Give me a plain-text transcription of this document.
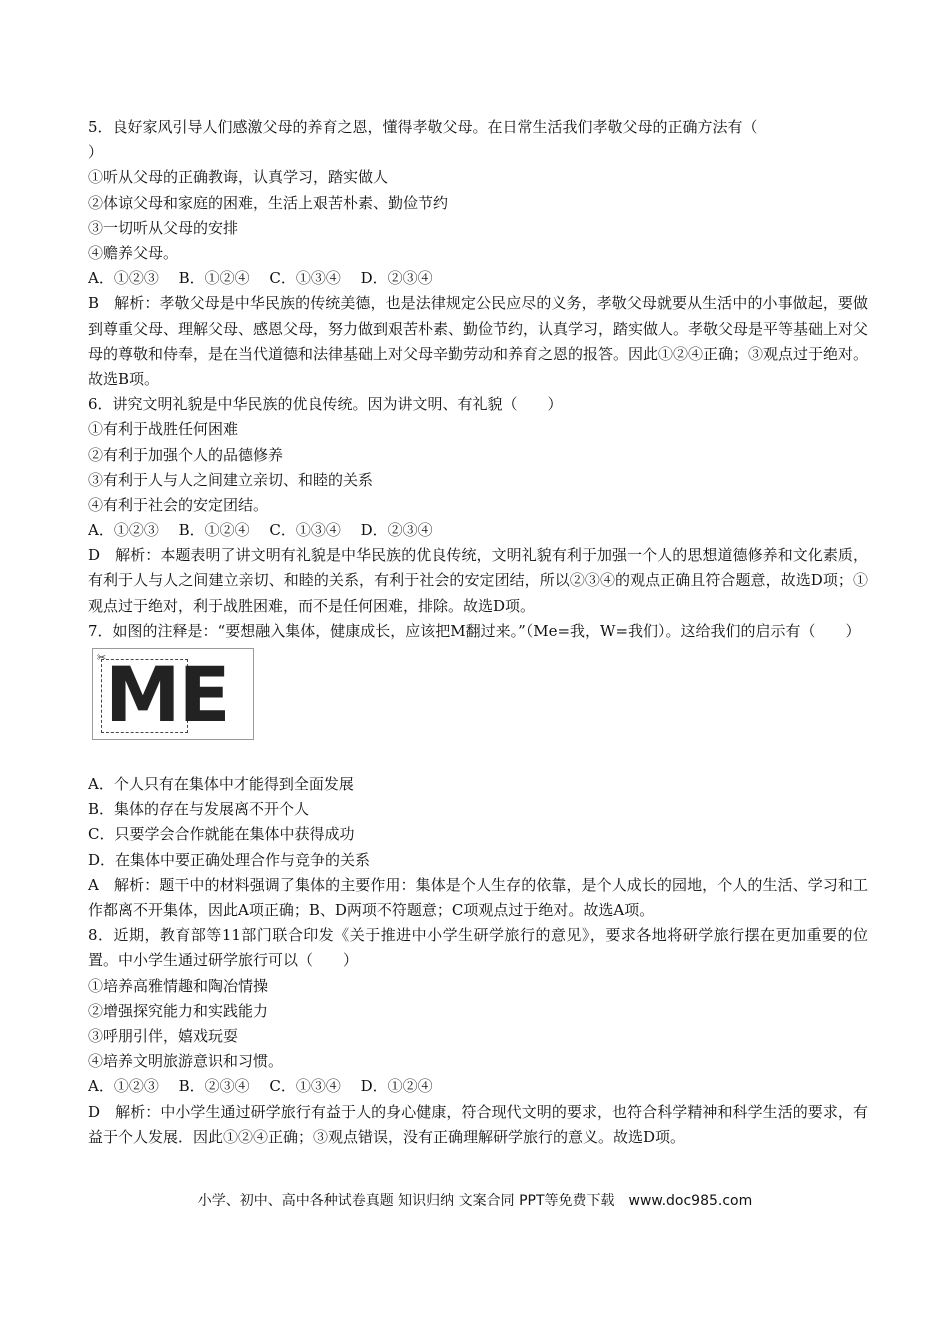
5．良好家风引导人们感激父母的养育之恩，懂得孝敬父母。在日常生活我们孝敬父母的正确方法有（
）
①听从父母的正确教诲，认真学习，踏实做人
②体谅父母和家庭的困难，生活上艰苦朴素、勤俭节约
③一切听从父母的安排
④赡养父母。
A．①②③　 B．①②④　 C．①③④　 D．②③④
B　解析：孝敬父母是中华民族的传统美德，也是法律规定公民应尽的义务，孝敬父母就要从生活中的小事做起，要做到尊重父母、理解父母、感恩父母，努力做到艰苦朴素、勤俭节约，认真学习，踏实做人。孝敬父母是平等基础上对父母的尊敬和侍奉，是在当代道德和法律基础上对父母辛勤劳动和养育之恩的报答。因此①②④正确；③观点过于绝对。故选B项。
6．讲究文明礼貌是中华民族的优良传统。因为讲文明、有礼貌（　　）
①有利于战胜任何困难
②有利于加强个人的品德修养
③有利于人与人之间建立亲切、和睦的关系
④有利于社会的安定团结。
A．①②③　 B．①②④　 C．①③④　 D．②③④
D　解析：本题表明了讲文明有礼貌是中华民族的优良传统，文明礼貌有利于加强一个人的思想道德修养和文化素质，有利于人与人之间建立亲切、和睦的关系，有利于社会的安定团结，所以②③④的观点正确且符合题意，故选D项；①观点过于绝对，利于战胜困难，而不是任何困难，排除。故选D项。
7．如图的注释是：“要想融入集体，健康成长，应该把M翻过来。”（Me=我，W=我们）。这给我们的启示有（　　）
✂
ME
A．个人只有在集体中才能得到全面发展
B．集体的存在与发展离不开个人
C．只要学会合作就能在集体中获得成功
D．在集体中要正确处理合作与竞争的关系
A　解析：题干中的材料强调了集体的主要作用：集体是个人生存的依靠，是个人成长的园地，个人的生活、学习和工作都离不开集体，因此A项正确；B、D两项不符题意；C项观点过于绝对。故选A项。
8．近期，教育部等11部门联合印发《关于推进中小学生研学旅行的意见》，要求各地将研学旅行摆在更加重要的位置。中小学生通过研学旅行可以（　　）
①培养高雅情趣和陶冶情操
②增强探究能力和实践能力
③呼朋引伴，嬉戏玩耍
④培养文明旅游意识和习惯。
A．①②③　 B．②③④　 C．①③④　 D．①②④
D　解析：中小学生通过研学旅行有益于人的身心健康，符合现代文明的要求，也符合科学精神和科学生活的要求，有益于个人发展．因此①②④正确；③观点错误，没有正确理解研学旅行的意义。故选D项。
小学、初中、高中各种试卷真题 知识归纳 文案合同 PPT等免费下载　www.doc985.com
